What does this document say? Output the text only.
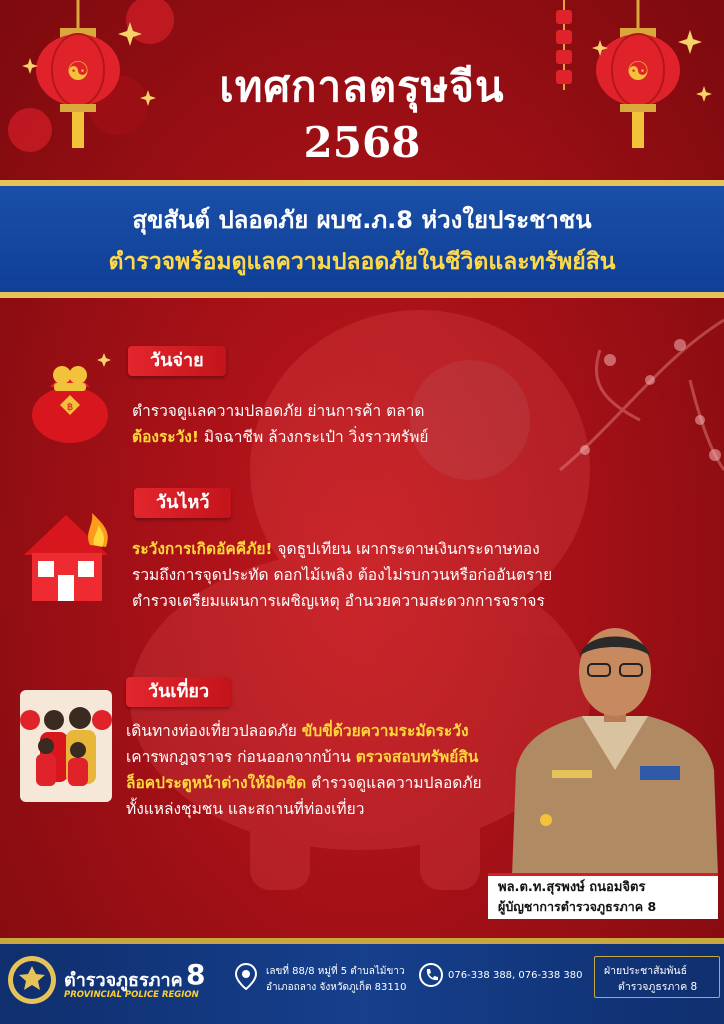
☯	☯
เทศกาลตรุษจีน
2568
สุขสันต์ ปลอดภัย ผบช.ภ.8 ห่วงใยประชาชน
ตำรวจพร้อมดูแลความปลอดภัยในชีวิตและทรัพย์สิน
วันจ่าย
฿	ตำรวจดูแลความปลอดภัย ย่านการค้า ตลาด
ต้องระวัง! มิจฉาชีพ ล้วงกระเป๋า วิ่งราวทรัพย์
วันไหว้
ระวังการเกิดอัคคีภัย! จุดธูปเทียน เผากระดาษเงินกระดาษทอง
รวมถึงการจุดประทัด ดอกไม้เพลิง ต้องไม่รบกวนหรือก่ออันตราย
ตำรวจเตรียมแผนการเผชิญเหตุ อำนวยความสะดวกการจราจร
วันเที่ยว
เดินทางท่องเที่ยวปลอดภัย ขับขี่ด้วยความระมัดระวัง
เคารพกฎจราจร ก่อนออกจากบ้าน ตรวจสอบทรัพย์สิน
ล็อคประตูหน้าต่างให้มิดชิด ตำรวจดูแลความปลอดภัย
ทั้งแหล่งชุมชน และสถานที่ท่องเที่ยว
พล.ต.ท.สุรพงษ์ ถนอมจิตร
ผู้บัญชาการตำรวจภูธรภาค 8
ตำรวจภูธรภาค 8
PROVINCIAL POLICE REGION
เลขที่ 88/8 หมู่ที่ 5 ตำบลไม้ขาว
อำเภอถลาง จังหวัดภูเก็ต 83110
076-338 388, 076-338 380 ฝ่ายประชาสัมพันธ์
ตำรวจภูธรภาค 8
